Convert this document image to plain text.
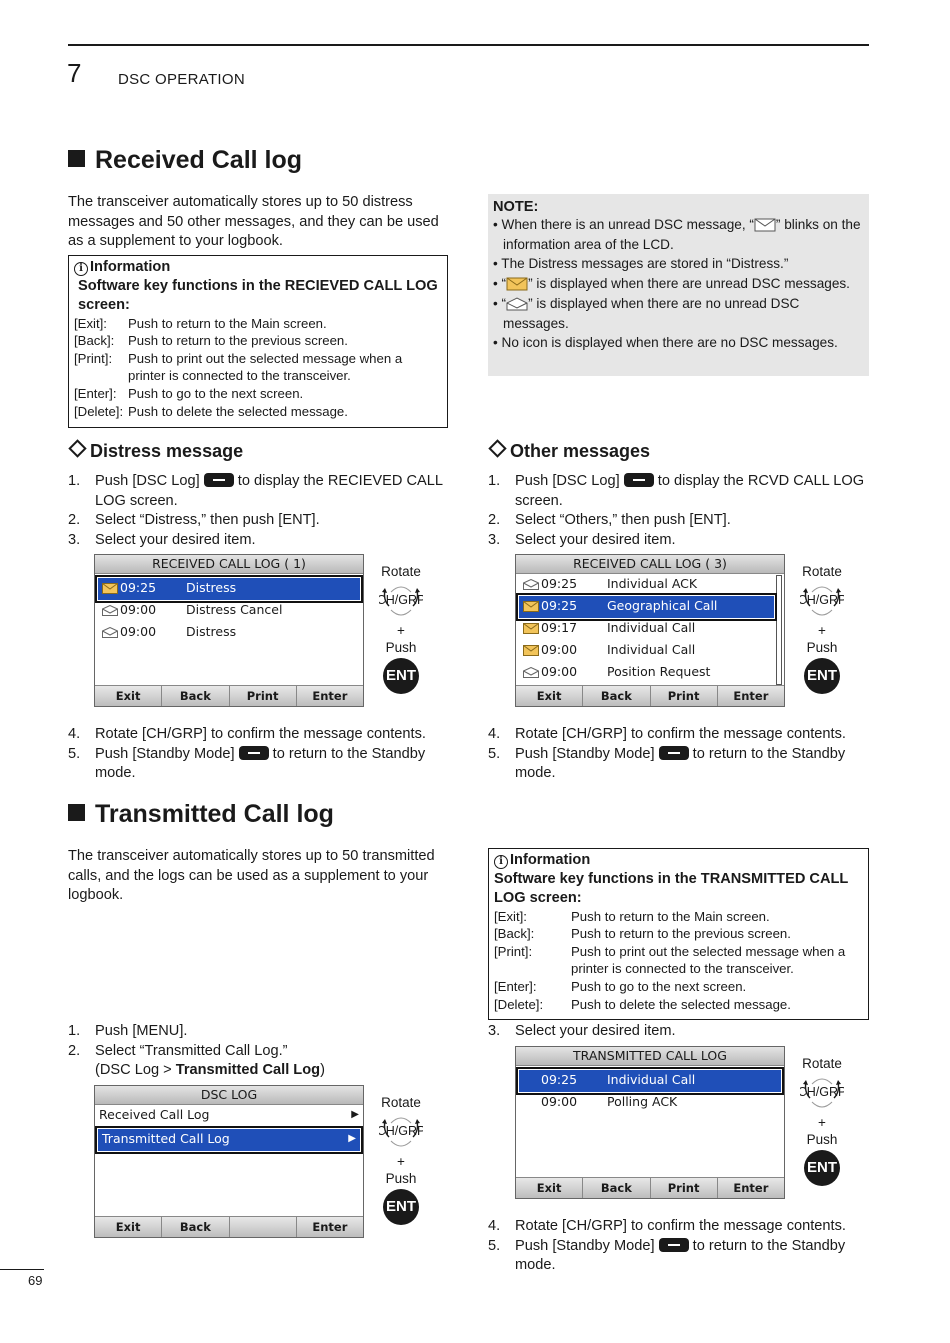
7 DSC OPERATION
Received Call log
The transceiver automatically stores up to 50 distress messages and 50 other messages, and they can be used as a supplement to your logbook.
i Information
Software key functions in the RECIEVED CALL LOG screen:
[Exit]:	Push to return to the Main screen.
[Back]:	Push to return to the previous screen.
[Print]:	Push to print out the selected message when a printer is connected to the transceiver.
[Enter]: Push to go to the next screen.
[Delete]: Push to delete the selected message.
NOTE:
• When there is an unread DSC message, “ ” blinks on the information area of the LCD.
• The Distress messages are stored in “Distress.”
• “ ” is displayed when there are unread DSC messages.
• “ ” is displayed when there are no unread DSC messages.
• No icon is displayed when there are no DSC messages.
Distress message
1. Push [DSC Log]  to display the RECIEVED CALL LOG screen.
2. Select “Distress,” then push [ENT].
3. Select your desired item.
RECEIVED CALL LOG ( 1)
09:25 Distress
09:00 Distress Cancel
09:00 Distress
Exit	Back	Print	Enter
Rotate
CH/GRP
+
Push
ENT
4. Rotate [CH/GRP] to confirm the message contents.
5. Push [Standby Mode]  to return to the Standby mode.
Other messages
1. Push [DSC Log]  to display the RCVD CALL LOG screen.
2. Select “Others,” then push [ENT].
3. Select your desired item.
RECEIVED CALL LOG ( 3)
09:25 Individual ACK
09:25 Geographical Call
09:17 Individual Call
09:00 Individual Call
09:00 Position Request
Exit	Back	Print	Enter
Rotate
CH/GRP
+
Push
ENT
4. Rotate [CH/GRP] to confirm the message contents.
5. Push [Standby Mode]  to return to the Standby mode.
Transmitted Call log
The transceiver automatically stores up to 50 transmitted calls, and the logs can be used as a supplement to your logbook.
1. Push [MENU].
2. Select “Transmitted Call Log.”
(DSC Log > Transmitted Call Log)
DSC LOG
Received Call Log	▶
Transmitted Call Log	▶
Exit	Back	Enter
Rotate
CH/GRP
+
Push
ENT
i Information
Software key functions in the TRANSMITTED CALL LOG screen:
[Exit]:	Push to return to the Main screen.
[Back]:	Push to return to the previous screen.
[Print]:	Push to print out the selected message when a printer is connected to the transceiver.
[Enter]:	Push to go to the next screen.
[Delete]:	Push to delete the selected message.
3. Select your desired item.
TRANSMITTED CALL LOG
09:25 Individual Call
09:00 Polling ACK
Exit	Back	Print	Enter
Rotate
CH/GRP
+
Push
ENT
4. Rotate [CH/GRP] to confirm the message contents.
5. Push [Standby Mode]  to return to the Standby mode.
69
